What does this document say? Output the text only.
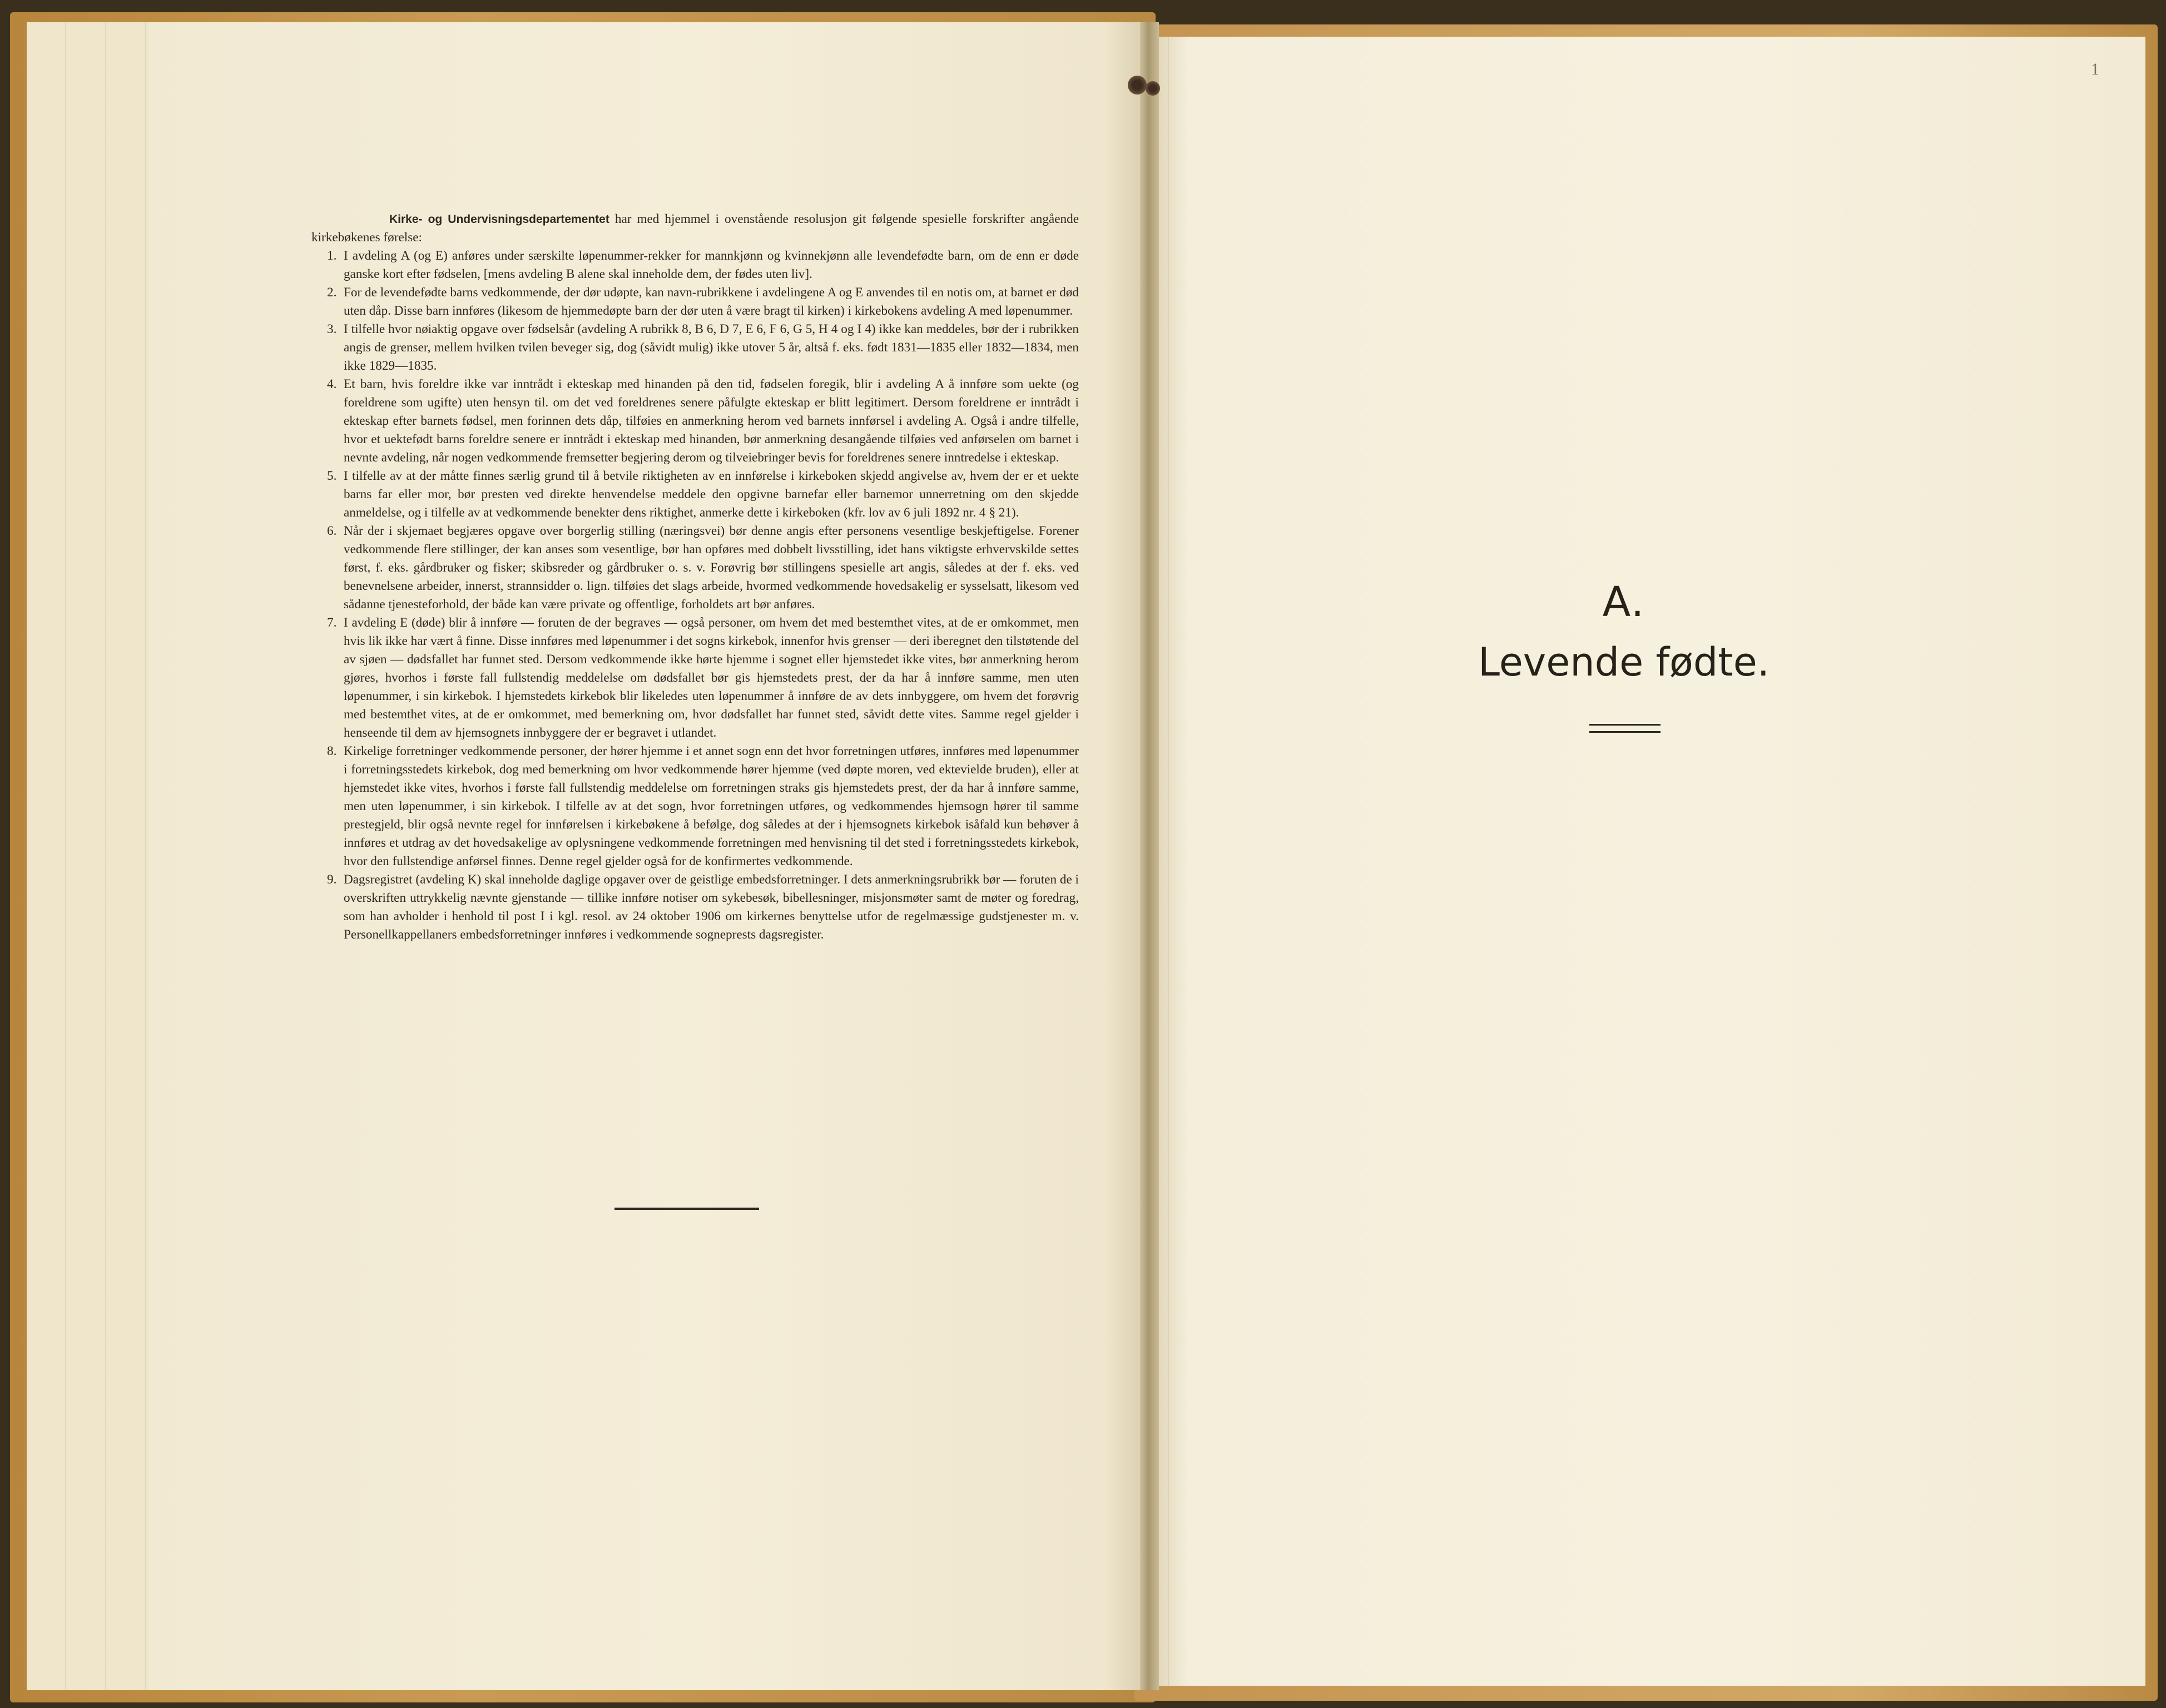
Kirke- og Undervisningsdepartementet har med hjemmel i ovenstående resolusjon git følgende spesielle forskrifter angående kirkebøkenes førelse:

1. I avdeling A (og E) anføres under særskilte løpenummer-rekker for mannkjønn og kvinnekjønn alle levendefødte barn, om de enn er døde ganske kort efter fødselen, [mens avdeling B alene skal inneholde dem, der fødes uten liv].
2. For de levendefødte barns vedkommende, der dør udøpte, kan navn-rubrikkene i avdelingene A og E anvendes til en notis om, at barnet er død uten dåp. Disse barn innføres (likesom de hjemmedøpte barn der dør uten å være bragt til kirken) i kirkebokens avdeling A med løpenummer.
3. I tilfelle hvor nøiaktig opgave over fødselsår (avdeling A rubrikk 8, B 6, D 7, E 6, F 6, G 5, H 4 og I 4) ikke kan meddeles, bør der i rubrikken angis de grenser, mellem hvilken tvilen beveger sig, dog (såvidt mulig) ikke utover 5 år, altså f. eks. født 1831—1835 eller 1832—1834, men ikke 1829—1835.
4. Et barn, hvis foreldre ikke var inntrådt i ekteskap med hinanden på den tid, fødselen foregik, blir i avdeling A å innføre som uekte (og foreldrene som ugifte) uten hensyn til. om det ved foreldrenes senere påfulgte ekteskap er blitt legitimert. Dersom foreldrene er inntrådt i ekteskap efter barnets fødsel, men forinnen dets dåp, tilføies en anmerkning herom ved barnets innførsel i avdeling A. Også i andre tilfelle, hvor et uektefødt barns foreldre senere er inntrådt i ekteskap med hinanden, bør anmerkning desangående tilføies ved anførselen om barnet i nevnte avdeling, når nogen vedkommende fremsetter begjering derom og tilveiebringer bevis for foreldrenes senere inntredelse i ekteskap.
5. I tilfelle av at der måtte finnes særlig grund til å betvile riktigheten av en innførelse i kirkeboken skjedd angivelse av, hvem der er et uekte barns far eller mor, bør presten ved direkte henvendelse meddele den opgivne barnefar eller barnemor unnerretning om den skjedde anmeldelse, og i tilfelle av at vedkommende benekter dens riktighet, anmerke dette i kirkeboken (kfr. lov av 6 juli 1892 nr. 4 § 21).
6. Når der i skjemaet begjæres opgave over borgerlig stilling (næringsvei) bør denne angis efter personens vesentlige beskjeftigelse. Forener vedkommende flere stillinger, der kan anses som vesentlige, bør han opføres med dobbelt livsstilling, idet hans viktigste erhvervskilde settes først, f. eks. gårdbruker og fisker; skibsreder og gårdbruker o. s. v. Forøvrig bør stillingens spesielle art angis, således at der f. eks. ved benevnelsene arbeider, innerst, strannsidder o. lign. tilføies det slags arbeide, hvormed vedkommende hovedsakelig er sysselsatt, likesom ved sådanne tjenesteforhold, der både kan være private og offentlige, forholdets art bør anføres.
7. I avdeling E (døde) blir å innføre — foruten de der begraves — også personer, om hvem det med bestemthet vites, at de er omkommet, men hvis lik ikke har vært å finne. Disse innføres med løpenummer i det sogns kirkebok, innenfor hvis grenser — deri iberegnet den tilstøtende del av sjøen — dødsfallet har funnet sted. Dersom vedkommende ikke hørte hjemme i sognet eller hjemstedet ikke vites, bør anmerkning herom gjøres, hvorhos i første fall fullstendig meddelelse om dødsfallet bør gis hjemstedets prest, der da har å innføre samme, men uten løpenummer, i sin kirkebok. I hjemstedets kirkebok blir likeledes uten løpenummer å innføre de av dets innbyggere, om hvem det forøvrig med bestemthet vites, at de er omkommet, med bemerkning om, hvor dødsfallet har funnet sted, såvidt dette vites. Samme regel gjelder i henseende til dem av hjemsognets innbyggere der er begravet i utlandet.
8. Kirkelige forretninger vedkommende personer, der hører hjemme i et annet sogn enn det hvor forretningen utføres, innføres med løpenummer i forretningsstedets kirkebok, dog med bemerkning om hvor vedkommende hører hjemme (ved døpte moren, ved ektevielde bruden), eller at hjemstedet ikke vites, hvorhos i første fall fullstendig meddelelse om forretningen straks gis hjemstedets prest, der da har å innføre samme, men uten løpenummer, i sin kirkebok. I tilfelle av at det sogn, hvor forretningen utføres, og vedkommendes hjemsogn hører til samme prestegjeld, blir også nevnte regel for innførelsen i kirkebøkene å befølge, dog således at der i hjemsognets kirkebok isåfald kun behøver å innføres et utdrag av det hovedsakelige av oplysningene vedkommende forretningen med henvisning til det sted i forretningsstedets kirkebok, hvor den fullstendige anførsel finnes. Denne regel gjelder også for de konfirmertes vedkommende.
9. Dagsregistret (avdeling K) skal inneholde daglige opgaver over de geistlige embedsforretninger. I dets anmerkningsrubrikk bør — foruten de i overskriften uttrykkelig nævnte gjenstande — tillike innføre notiser om sykebesøk, bibellesninger, misjonsmøter samt de møter og foredrag, som han avholder i henhold til post I i kgl. resol. av 24 oktober 1906 om kirkernes benyttelse utfor de regelmæssige gudstjenester m. v. Personellkappellaners embedsforretninger innføres i vedkommende sogneprests dagsregister.
A.
Levende fødte.
1
